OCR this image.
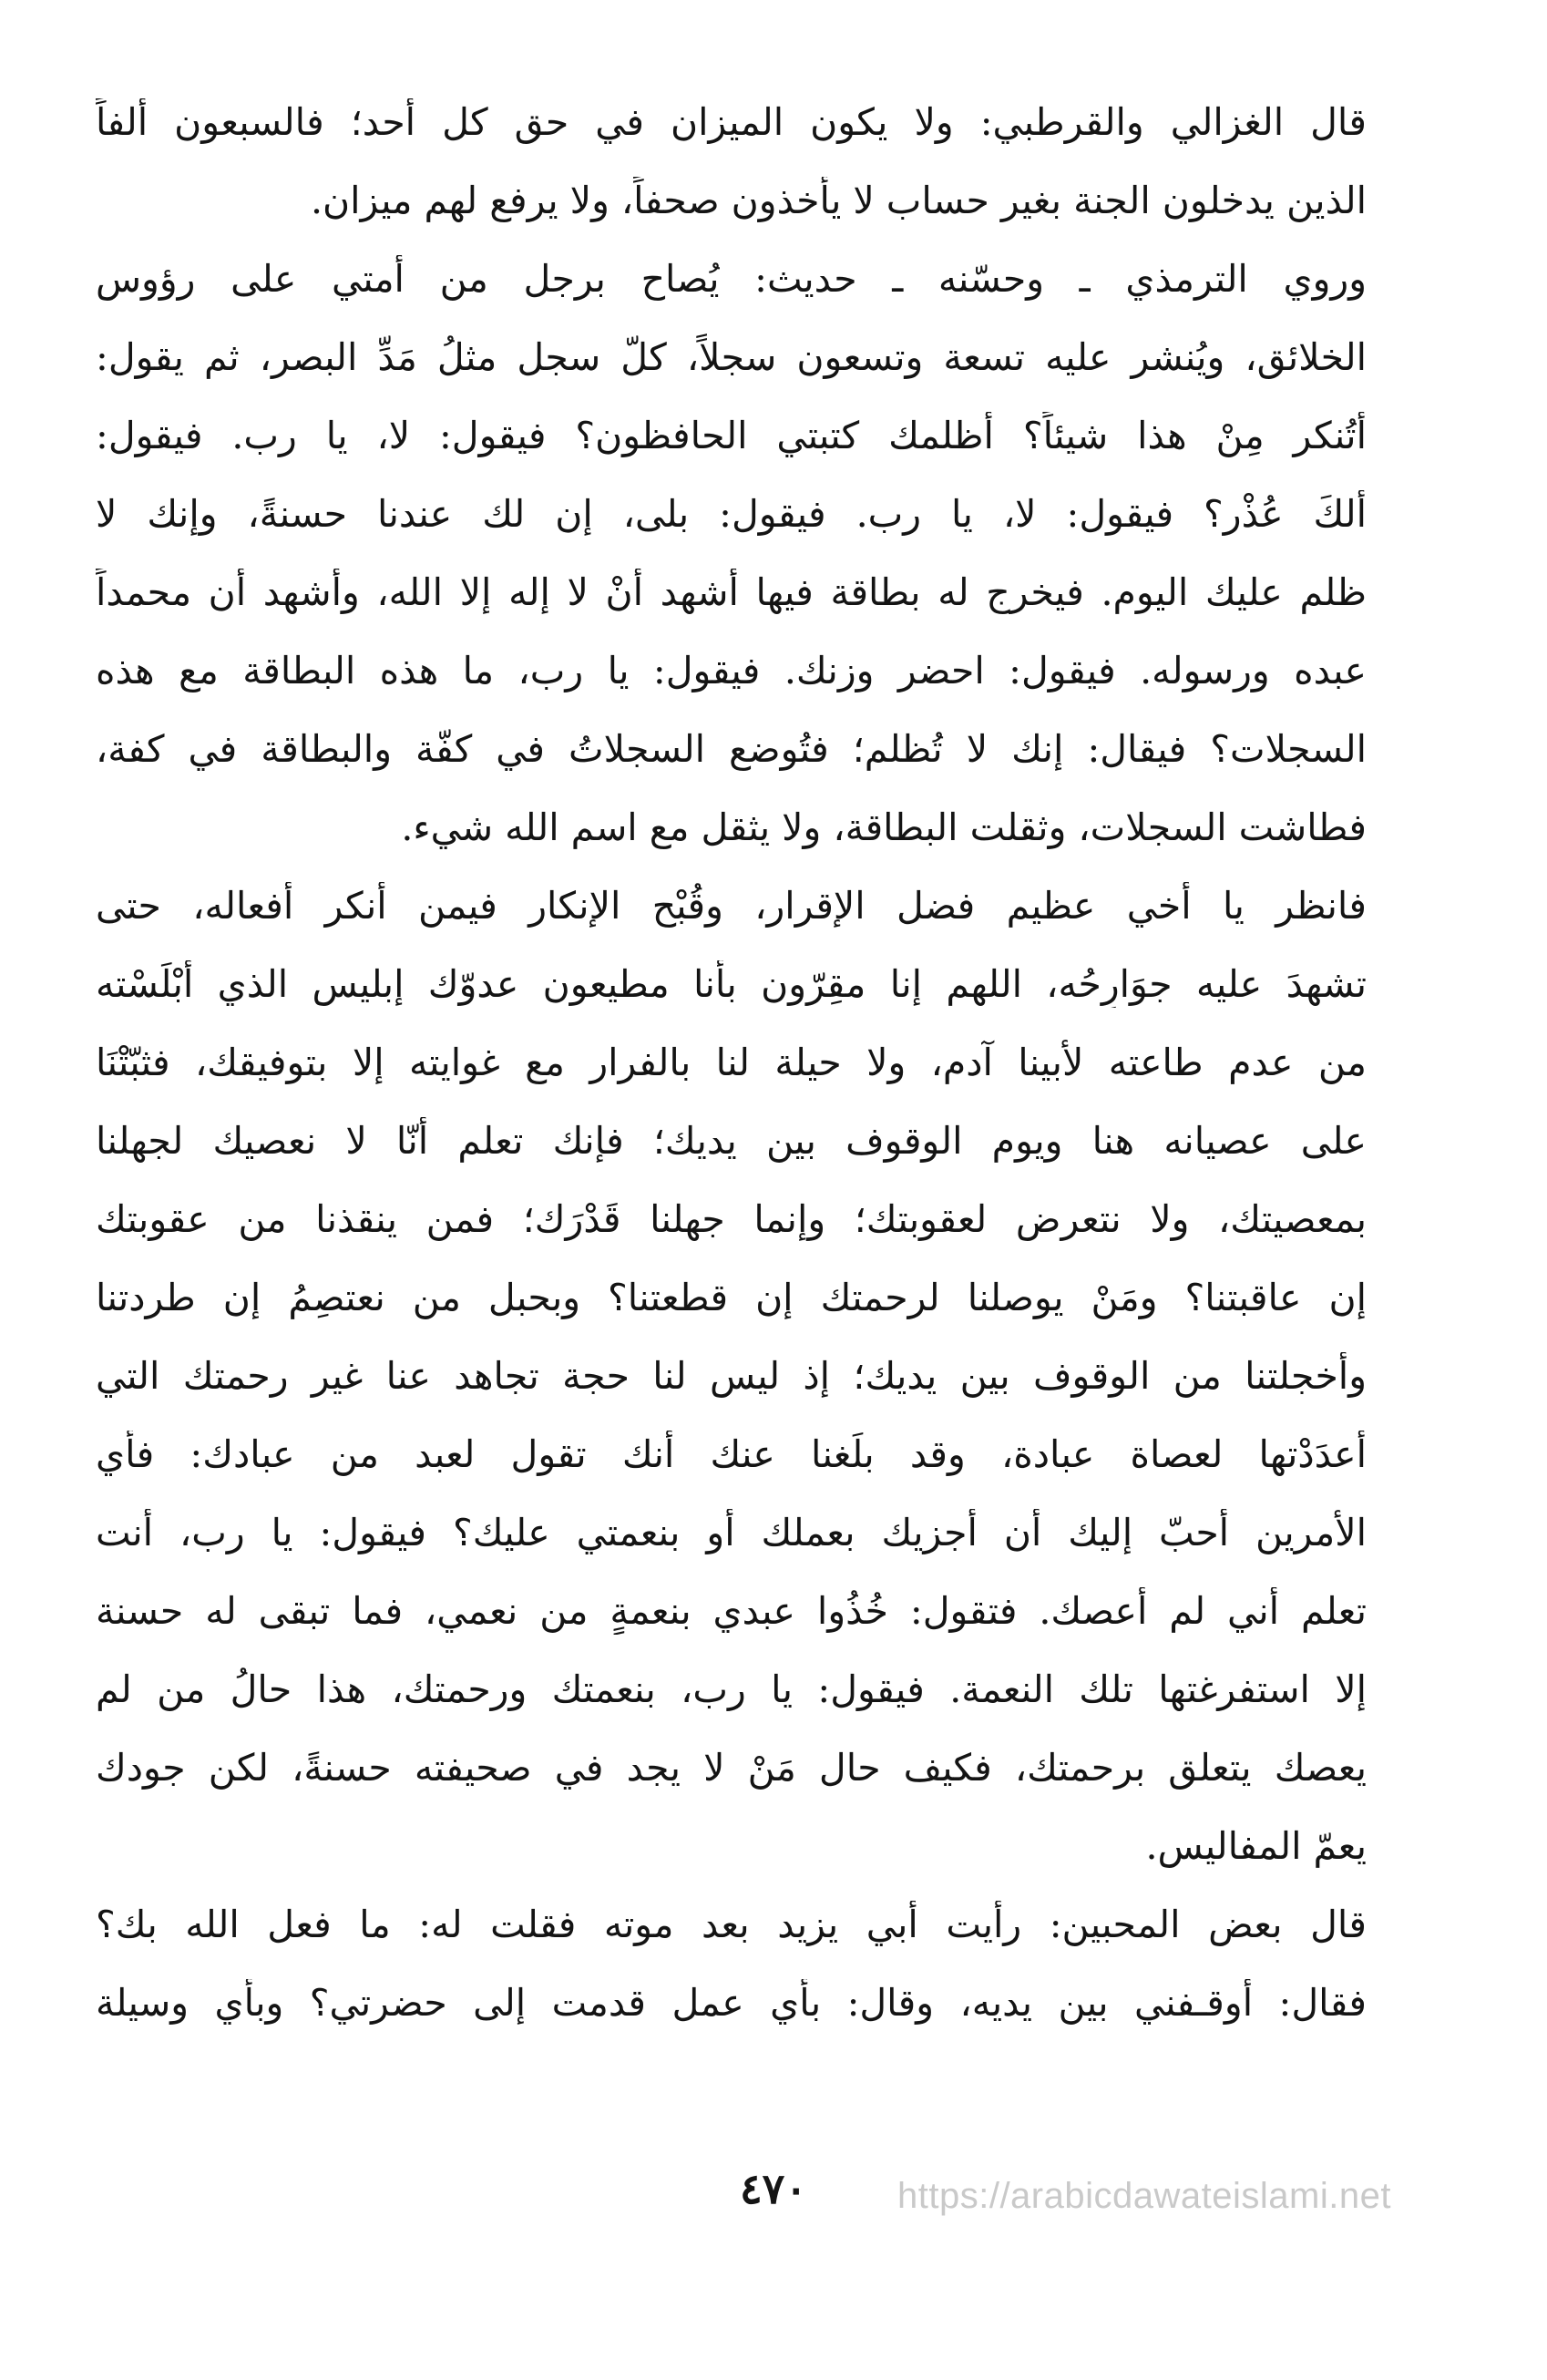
قال الغزالي والقرطبي: ولا يكون الميزان في حق كل أحد؛ فالسبعون ألفاً
الذين يدخلون الجنة بغير حساب لا يأخذون صحفاً، ولا يرفع لهم ميزان.

وروي الترمذي ـ وحسّنه ـ حديث: يُصاح برجل من أمتي على رؤوس
الخلائق، ويُنشر عليه تسعة وتسعون سجلاً، كلّ سجل مثلُ مَدِّ البصر، ثم يقول:
أتُنكر مِنْ هذا شيئاً؟ أظلمك كتبتي الحافظون؟ فيقول: لا، يا رب. فيقول:
ألكَ عُذْر؟ فيقول: لا، يا رب. فيقول: بلى، إن لك عندنا حسنةً، وإنك لا
ظلم عليك اليوم. فيخرج له بطاقة فيها أَشهد أنْ لا إله إلا الله، وأشهد أن محمداً
عبده ورسوله. فيقول: احضر وزنك. فيقول: يا رب، ما هذه البطاقة مع هذه
السجلات؟ فيقال: إنك لا تُظلم؛ فتُوضع السجلاتُ في كفّة والبطاقة في كفة،
فطاشت السجلات، وثقلت البطاقة، ولا يثقل مع اسم الله شيء.

فانظر يا أخي عظيم فضل الإقرار، وقُبْح الإنكار فيمن أنكر أفعاله، حتى
تشهدَ عليه جوَارِحُه، اللهم إنا مقِرّون بأنا مطيعون عدوّك إبليس الذي أَبْلَسْته
من عدم طاعته لأبينا آدم، ولا حيلة لنا بالفرار مع غوايته إلا بتوفيقك، فثبّتْنَا
على عصيانه هنا ويوم الوقوف بين يديك؛ فإنك تعلم أنّا لا نعصيك لجهلنا
بمعصيتك، ولا نتعرض لعقوبتك؛ وإنما جهلنا قَدْرَك؛ فمن ينقذنا من عقوبتك
إن عاقبتنا؟ ومَنْ يوصلنا لرحمتك إن قطعتنا؟ وبحبل من نعتصِمُ إن طردتنا
وأخجلتنا من الوقوف بين يديك؛ إذ ليس لنا حجة تجاهد عنا غير رحمتك التي
أعدَدْتها لعصاة عبادة، وقد بلَغنا عنك أنك تقول لعبد من عبادك: فأي
الأمرين أحبّ إليك أن أجزيك بعملك أو بنعمتي عليك؟ فيقول: يا رب، أنت
تعلم أني لم أعصك. فتقول: خُذُوا عبدي بنعمةٍ من نعمي، فما تبقى له حسنة
إلا استفرغتها تلك النعمة. فيقول: يا رب، بنعمتك ورحمتك، هذا حالُ من لم
يعصك يتعلق برحمتك، فكيف حال مَنْ لا يجد في صحيفته حسنةً، لكن جودك
يعمّ المفاليس.

قال بعض المحبين: رأيت أبي يزيد بعد موته فقلت له: ما فعل الله بك؟
فقال: أوقـفني بين يديه، وقال: بأي عمل قدمت إلى حضرتي؟ وبأي وسيلة

٤٧٠	https://arabicdawateislami.net
